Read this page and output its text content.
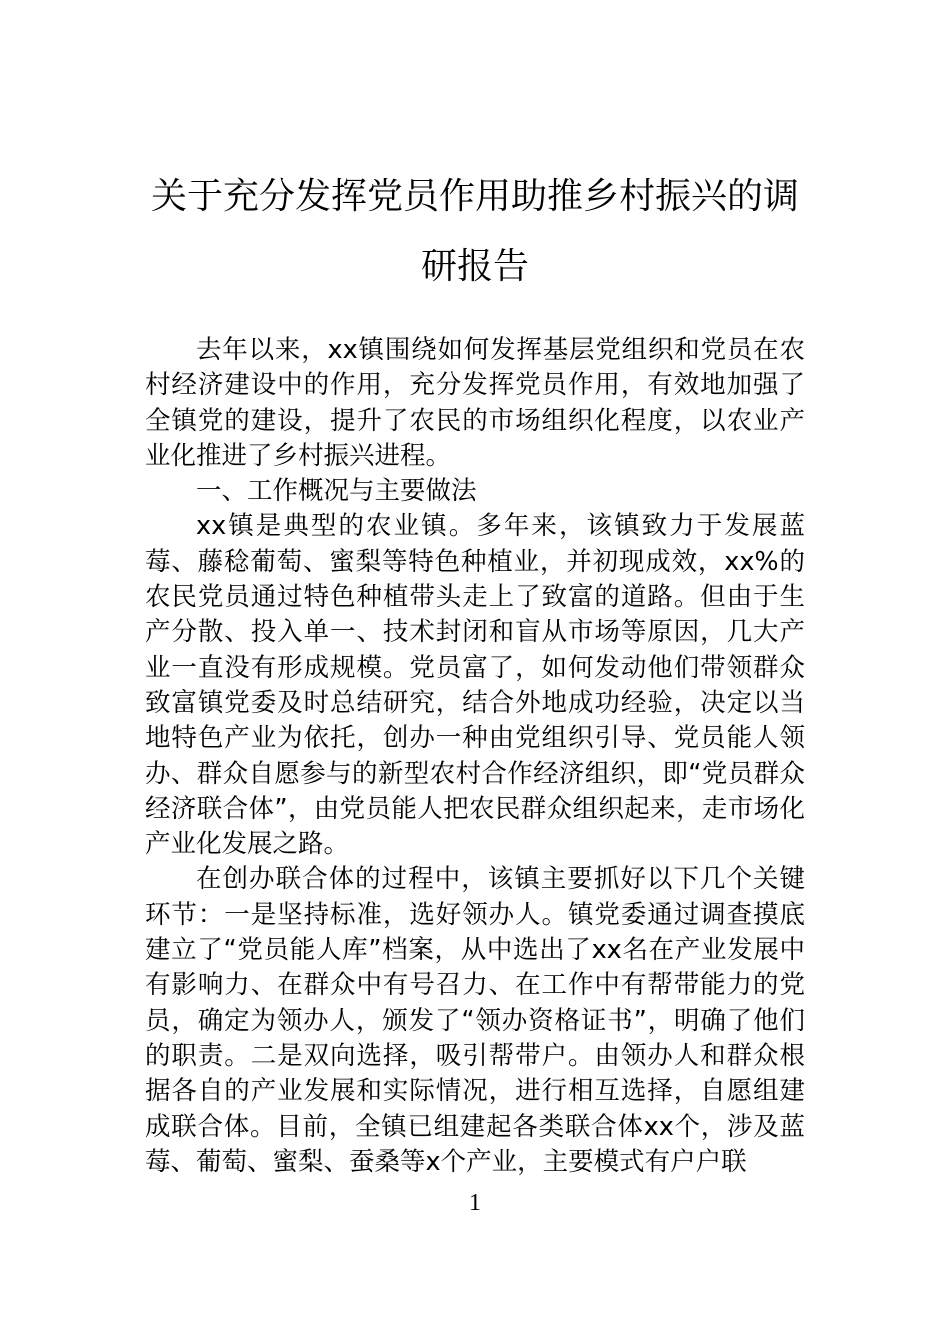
关于充分发挥党员作用助推乡村振兴的调研报告

去年以来，xx镇围绕如何发挥基层党组织和党员在农村经济建设中的作用，充分发挥党员作用，有效地加强了全镇党的建设，提升了农民的市场组织化程度，以农业产业化推进了乡村振兴进程。

一、工作概况与主要做法

xx镇是典型的农业镇。多年来，该镇致力于发展蓝莓、藤稔葡萄、蜜梨等特色种植业，并初现成效，xx%的农民党员通过特色种植带头走上了致富的道路。但由于生产分散、投入单一、技术封闭和盲从市场等原因，几大产业一直没有形成规模。党员富了，如何发动他们带领群众致富镇党委及时总结研究，结合外地成功经验，决定以当地特色产业为依托，创办一种由党组织引导、党员能人领办、群众自愿参与的新型农村合作经济组织，即“党员群众经济联合体”，由党员能人把农民群众组织起来，走市场化产业化发展之路。

在创办联合体的过程中，该镇主要抓好以下几个关键环节：一是坚持标准，选好领办人。镇党委通过调查摸底建立了“党员能人库”档案，从中选出了xx名在产业发展中有影响力、在群众中有号召力、在工作中有帮带能力的党员，确定为领办人，颁发了“领办资格证书”，明确了他们的职责。二是双向选择，吸引帮带户。由领办人和群众根据各自的产业发展和实际情况，进行相互选择，自愿组建成联合体。目前，全镇已组建起各类联合体xx个，涉及蓝莓、葡萄、蜜梨、蚕桑等x个产业，主要模式有户户联

1
